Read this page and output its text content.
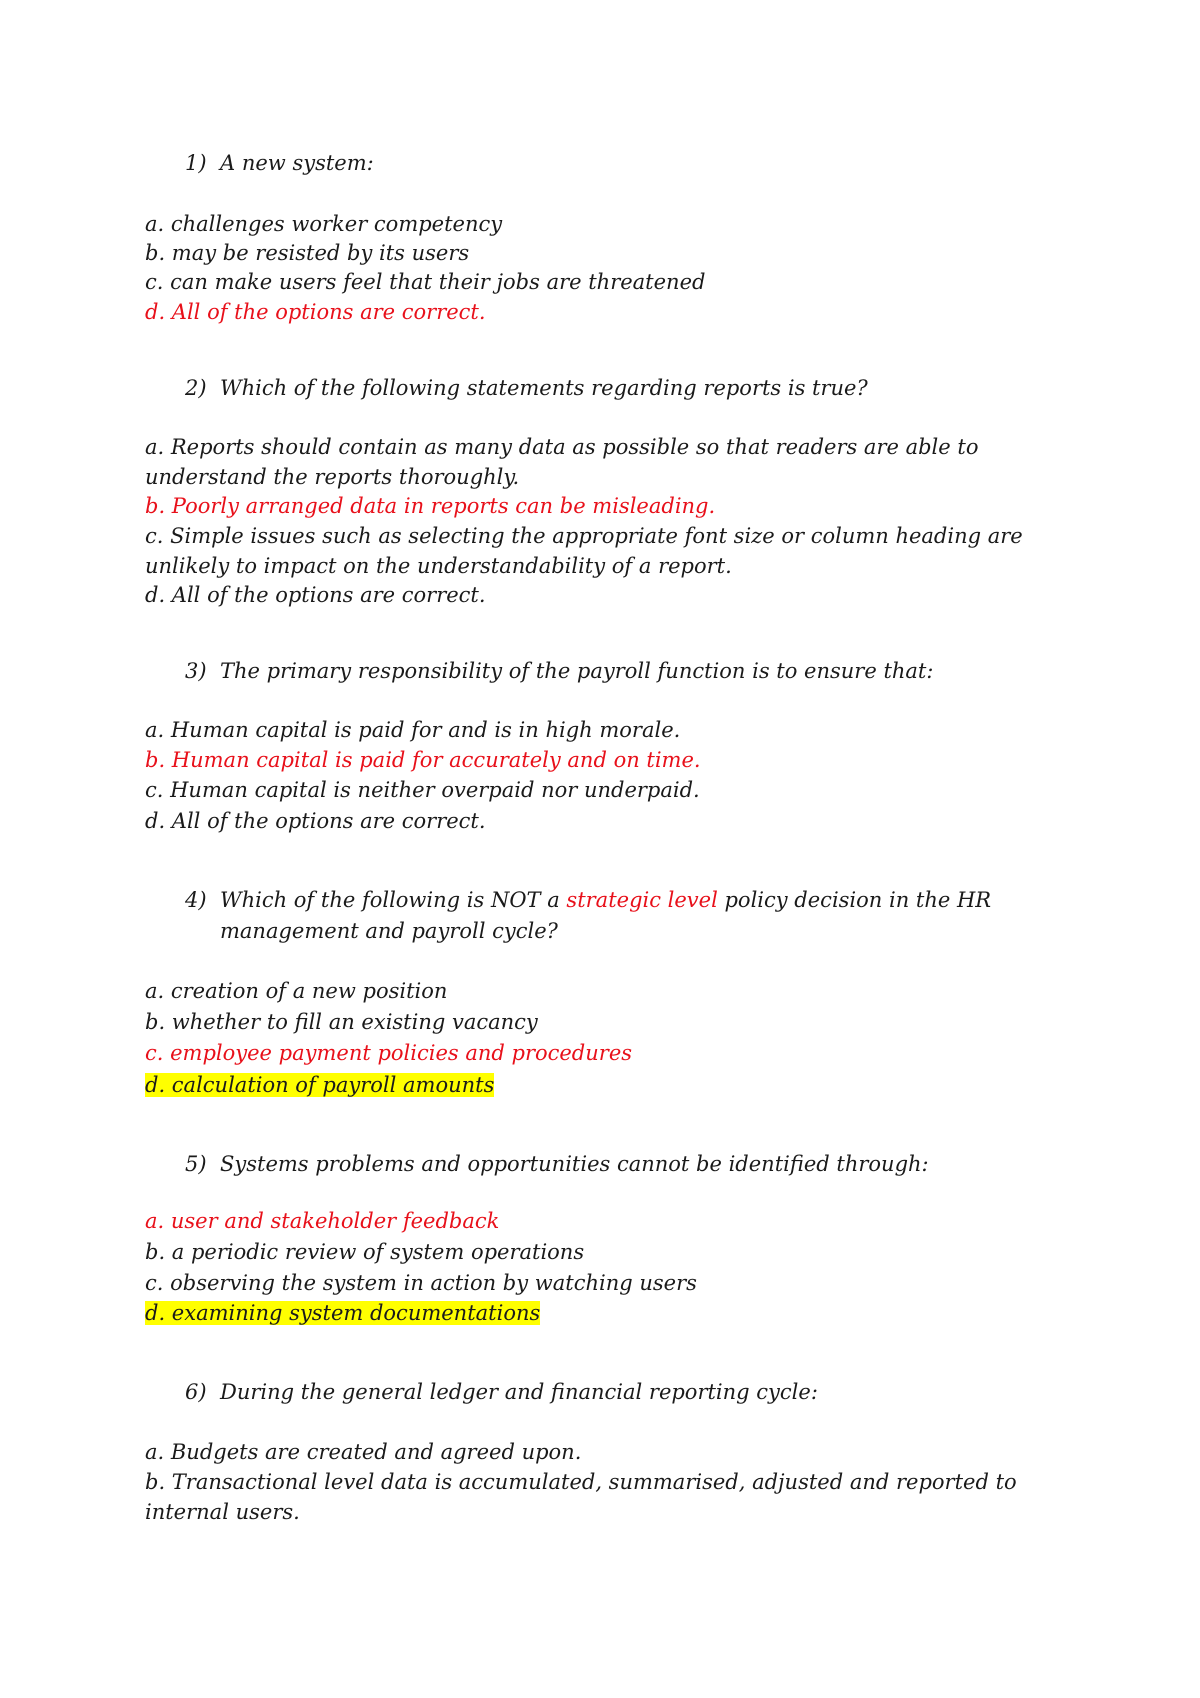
1) A new system:
a. challenges worker competency
b. may be resisted by its users
c. can make users feel that their jobs are threatened
d. All of the options are correct.
2) Which of the following statements regarding reports is true?
a. Reports should contain as many data as possible so that readers are able to understand the reports thoroughly.
b. Poorly arranged data in reports can be misleading.
c. Simple issues such as selecting the appropriate font size or column heading are unlikely to impact on the understandability of a report.
d. All of the options are correct.
3) The primary responsibility of the payroll function is to ensure that:
a. Human capital is paid for and is in high morale.
b. Human capital is paid for accurately and on time.
c. Human capital is neither overpaid nor underpaid.
d. All of the options are correct.
4) Which of the following is NOT a strategic level policy decision in the HR management and payroll cycle?
a. creation of a new position
b. whether to fill an existing vacancy
c. employee payment policies and procedures
d. calculation of payroll amounts
5) Systems problems and opportunities cannot be identified through:
a. user and stakeholder feedback
b. a periodic review of system operations
c. observing the system in action by watching users
d. examining system documentations
6) During the general ledger and financial reporting cycle:
a. Budgets are created and agreed upon.
b. Transactional level data is accumulated, summarised, adjusted and reported to internal users.
